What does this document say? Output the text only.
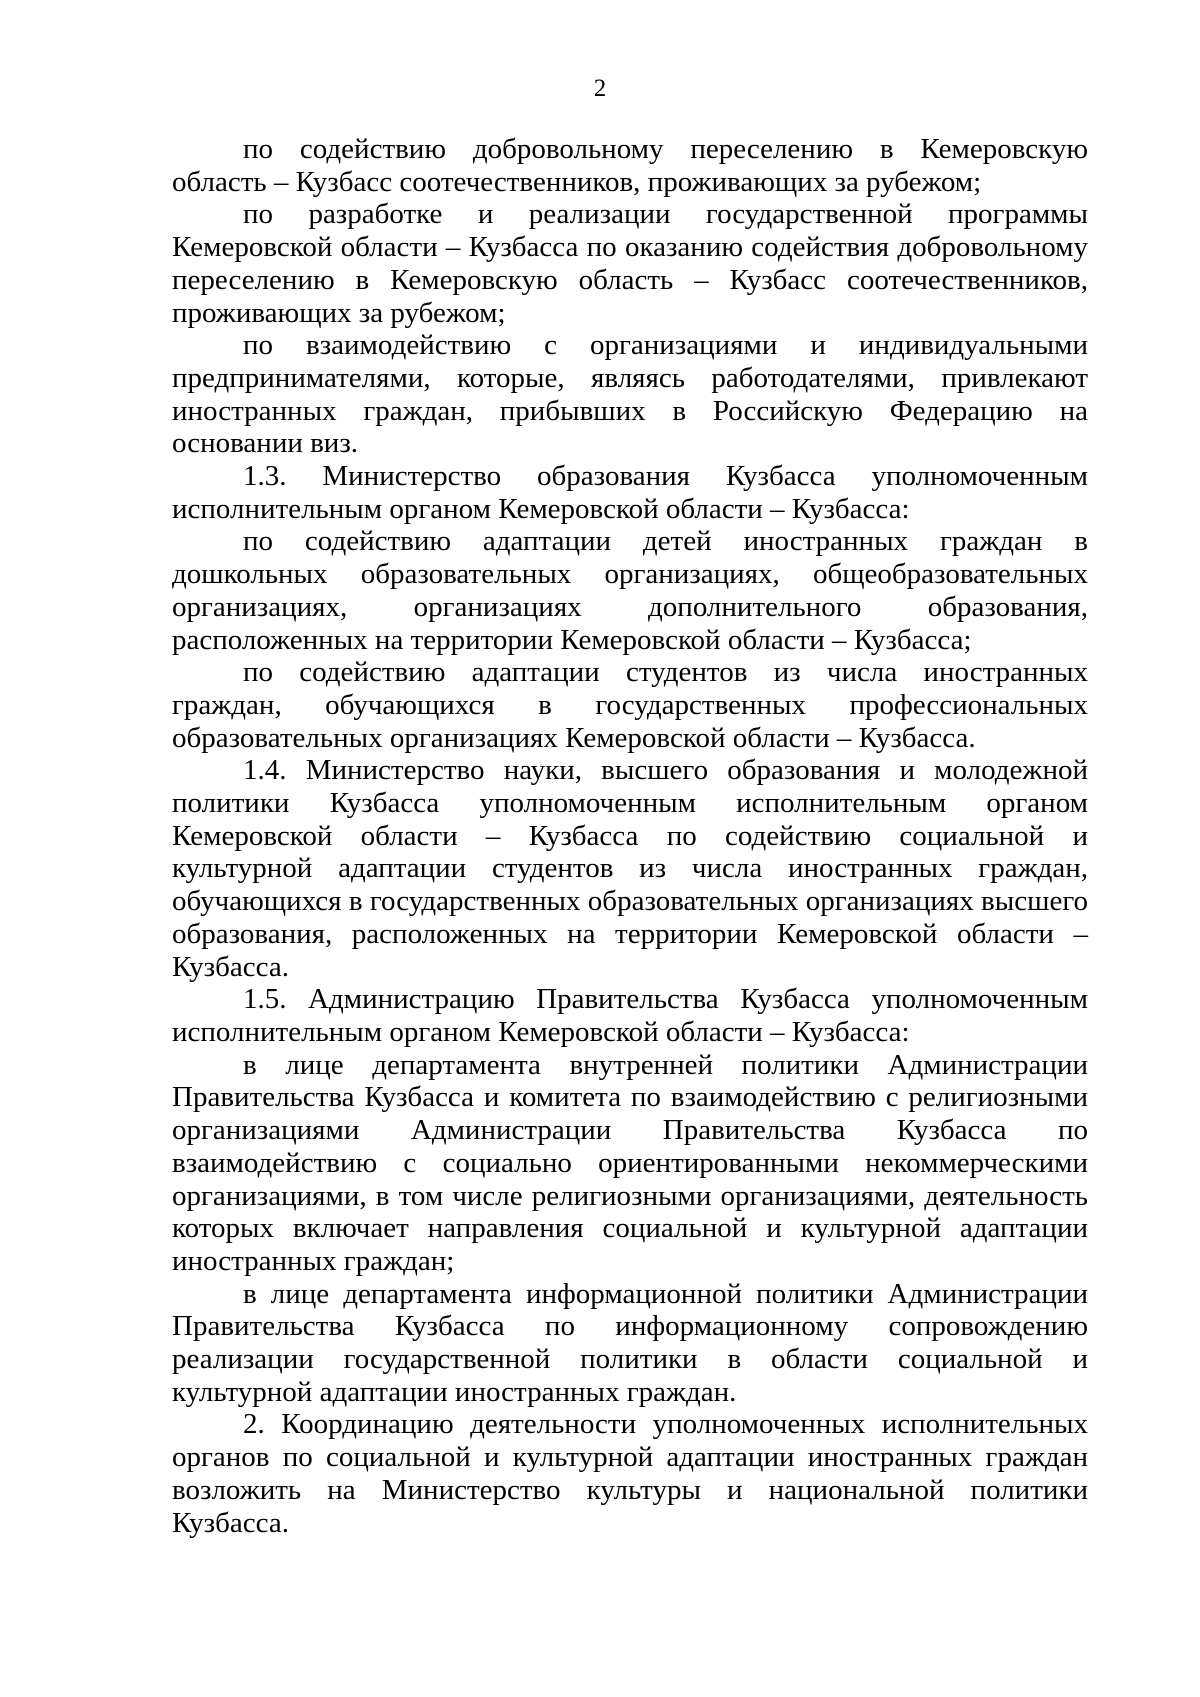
2

по содействию добровольному переселению в Кемеровскую область – Кузбасс соотечественников, проживающих за рубежом;

по разработке и реализации государственной программы Кемеровской области – Кузбасса по оказанию содействия добровольному переселению в Кемеровскую область – Кузбасс соотечественников, проживающих за рубежом;

по взаимодействию с организациями и индивидуальными предпринимателями, которые, являясь работодателями, привлекают иностранных граждан, прибывших в Российскую Федерацию на основании виз.

1.3. Министерство образования Кузбасса уполномоченным исполнительным органом Кемеровской области – Кузбасса:

по содействию адаптации детей иностранных граждан в дошкольных образовательных организациях, общеобразовательных организациях, организациях дополнительного образования, расположенных на территории Кемеровской области – Кузбасса;

по содействию адаптации студентов из числа иностранных граждан, обучающихся в государственных профессиональных образовательных организациях Кемеровской области – Кузбасса.

1.4. Министерство науки, высшего образования и молодежной политики Кузбасса уполномоченным исполнительным органом Кемеровской области – Кузбасса по содействию социальной и культурной адаптации студентов из числа иностранных граждан, обучающихся в государственных образовательных организациях высшего образования, расположенных на территории Кемеровской области – Кузбасса.

1.5. Администрацию Правительства Кузбасса уполномоченным исполнительным органом Кемеровской области – Кузбасса:

в лице департамента внутренней политики Администрации Правительства Кузбасса и комитета по взаимодействию с религиозными организациями Администрации Правительства Кузбасса по взаимодействию с социально ориентированными некоммерческими организациями, в том числе религиозными организациями, деятельность которых включает направления социальной и культурной адаптации иностранных граждан;

в лице департамента информационной политики Администрации Правительства Кузбасса по информационному сопровождению реализации государственной политики в области социальной и культурной адаптации иностранных граждан.

2. Координацию деятельности уполномоченных исполнительных органов по социальной и культурной адаптации иностранных граждан возложить на Министерство культуры и национальной политики Кузбасса.
